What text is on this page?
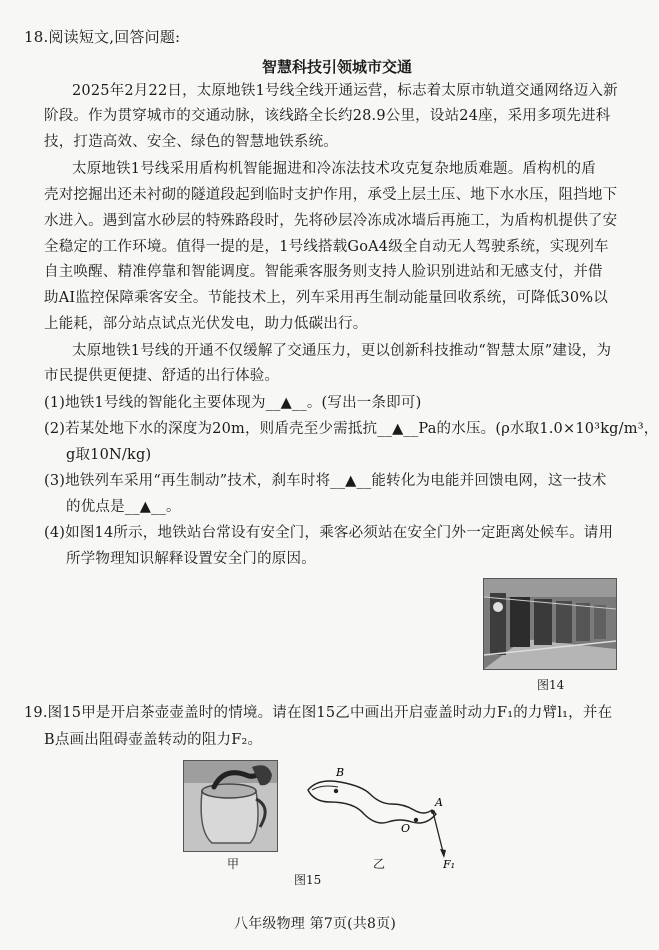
18.阅读短文,回答问题:
智慧科技引领城市交通
2025年2月22日，太原地铁1号线全线开通运营，标志着太原市轨道交通网络迈入新
阶段。作为贯穿城市的交通动脉，该线路全长约28.9公里，设站24座，采用多项先进科
技，打造高效、安全、绿色的智慧地铁系统。
太原地铁1号线采用盾构机智能掘进和冷冻法技术攻克复杂地质难题。盾构机的盾
壳对挖掘出还未衬砌的隧道段起到临时支护作用，承受上层土压、地下水水压，阻挡地下
水进入。遇到富水砂层的特殊路段时，先将砂层冷冻成冰墙后再施工，为盾构机提供了安
全稳定的工作环境。值得一提的是，1号线搭载GoA4级全自动无人驾驶系统，实现列车
自主唤醒、精准停靠和智能调度。智能乘客服务则支持人脸识别进站和无感支付，并借
助AI监控保障乘客安全。节能技术上，列车采用再生制动能量回收系统，可降低30%以
上能耗，部分站点试点光伏发电，助力低碳出行。
太原地铁1号线的开通不仅缓解了交通压力，更以创新科技推动“智慧太原”建设，为
市民提供更便捷、舒适的出行体验。
(1)地铁1号线的智能化主要体现为__▲__。(写出一条即可)
(2)若某处地下水的深度为20m，则盾壳至少需抵抗__▲__Pa的水压。(ρ水取1.0×10³kg/m³，
g取10N/kg)
(3)地铁列车采用“再生制动”技术，刹车时将__▲__能转化为电能并回馈电网，这一技术
的优点是__▲__。
(4)如图14所示，地铁站台常设有安全门，乘客必须站在安全门外一定距离处候车。请用
所学物理知识解释设置安全门的原因。
图14
19.图15甲是开启茶壶壶盖时的情境。请在图15乙中画出开启壶盖时动力F₁的力臂l₁，并在
B点画出阻碍壶盖转动的阻力F₂。
甲
B
A
O
F₁
乙
图15
八年级物理 第7页(共8页)
